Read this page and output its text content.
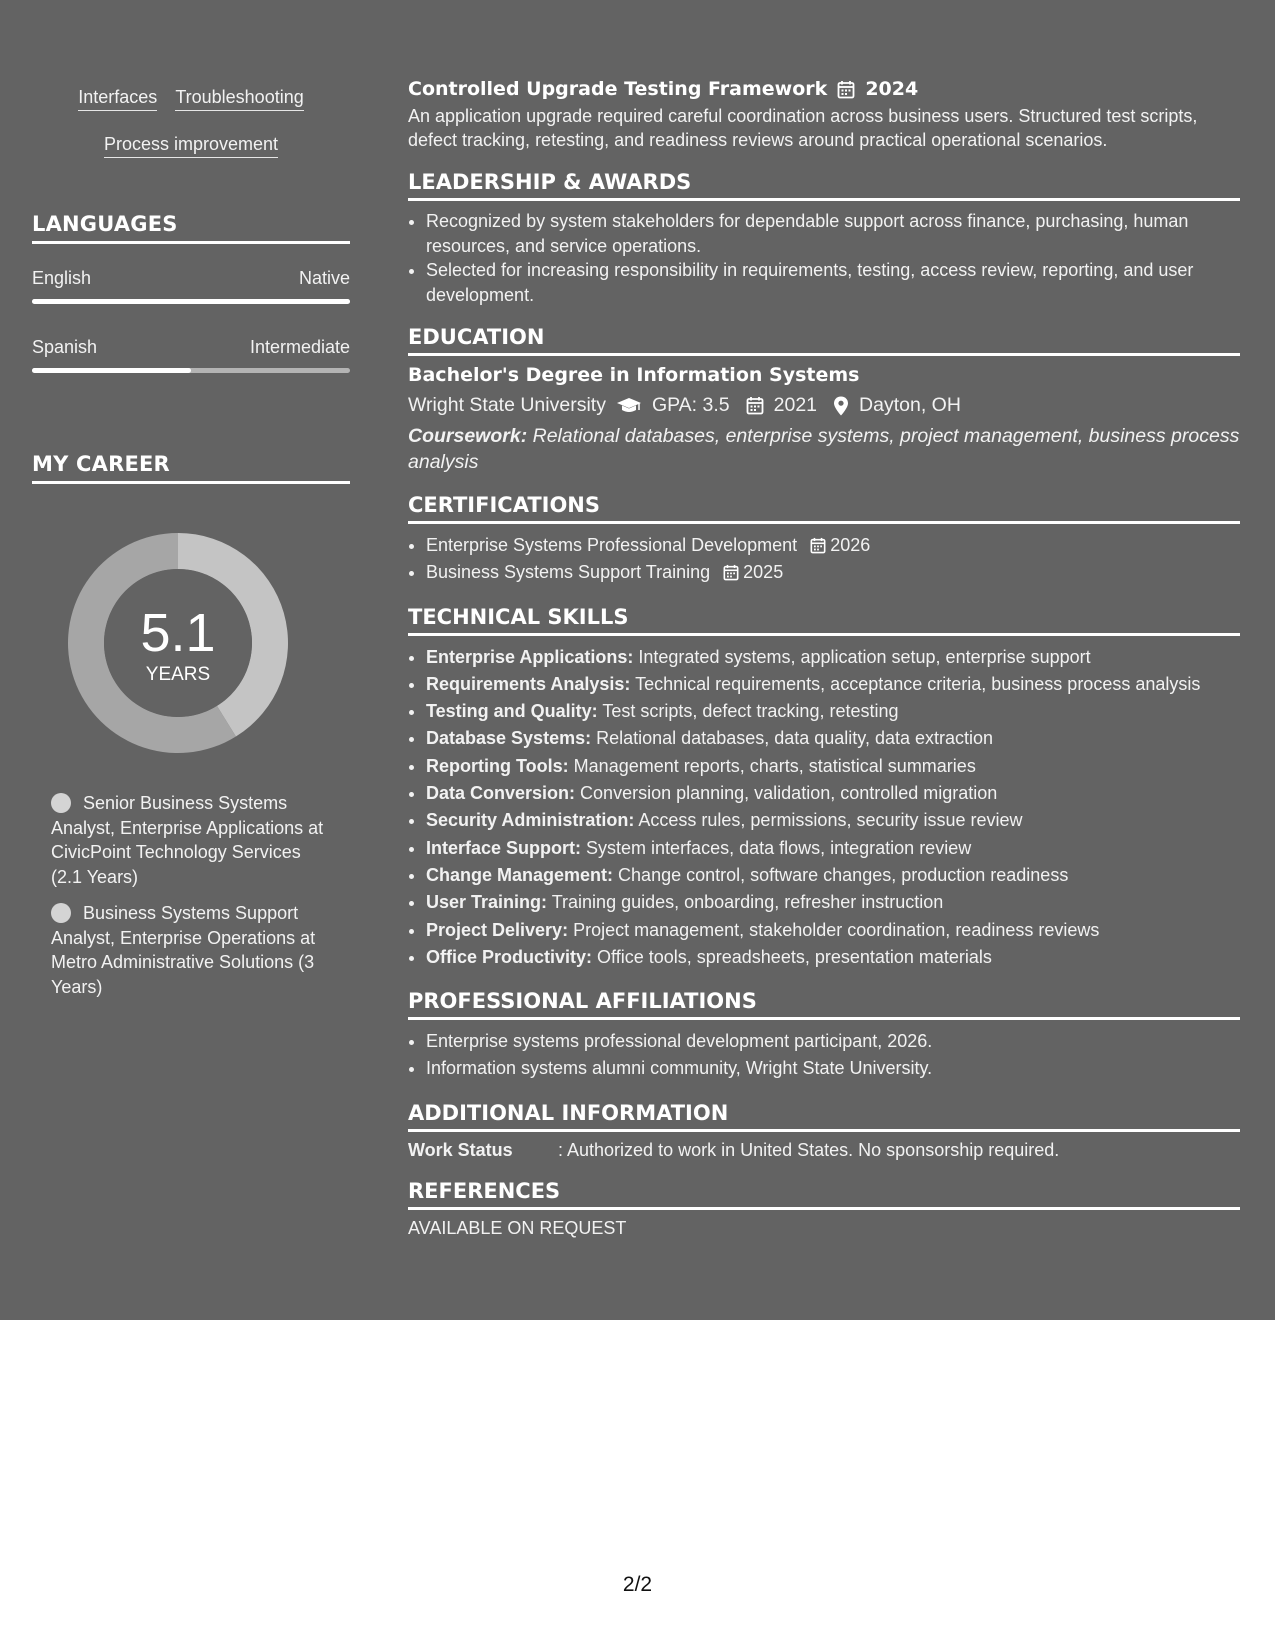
Interfaces Troubleshooting
Process improvement
LANGUAGES
English	Native
Spanish	Intermediate
MY CAREER
5.1
YEARS
Senior Business Systems Analyst, Enterprise Applications at CivicPoint Technology Services (2.1 Years)
Business Systems Support Analyst, Enterprise Operations at Metro Administrative Solutions (3 Years)
Controlled Upgrade Testing Framework 2024
An application upgrade required careful coordination across business users. Structured test scripts, defect tracking, retesting, and readiness reviews around practical operational scenarios.
LEADERSHIP & AWARDS
• Recognized by system stakeholders for dependable support across finance, purchasing, human resources, and service operations.
• Selected for increasing responsibility in requirements, testing, access review, reporting, and user development.
EDUCATION
Bachelor's Degree in Information Systems
Wright State University GPA: 3.5 2021 Dayton, OH
Coursework: Relational databases, enterprise systems, project management, business process analysis
CERTIFICATIONS
• Enterprise Systems Professional Development 2026
• Business Systems Support Training 2025
TECHNICAL SKILLS
• Enterprise Applications: Integrated systems, application setup, enterprise support
• Requirements Analysis: Technical requirements, acceptance criteria, business process analysis
• Testing and Quality: Test scripts, defect tracking, retesting
• Database Systems: Relational databases, data quality, data extraction
• Reporting Tools: Management reports, charts, statistical summaries
• Data Conversion: Conversion planning, validation, controlled migration
• Security Administration: Access rules, permissions, security issue review
• Interface Support: System interfaces, data flows, integration review
• Change Management: Change control, software changes, production readiness
• User Training: Training guides, onboarding, refresher instruction
• Project Delivery: Project management, stakeholder coordination, readiness reviews
• Office Productivity: Office tools, spreadsheets, presentation materials
PROFESSIONAL AFFILIATIONS
• Enterprise systems professional development participant, 2026.
• Information systems alumni community, Wright State University.
ADDITIONAL INFORMATION
Work Status	: Authorized to work in United States. No sponsorship required.
REFERENCES
AVAILABLE ON REQUEST
2/2
